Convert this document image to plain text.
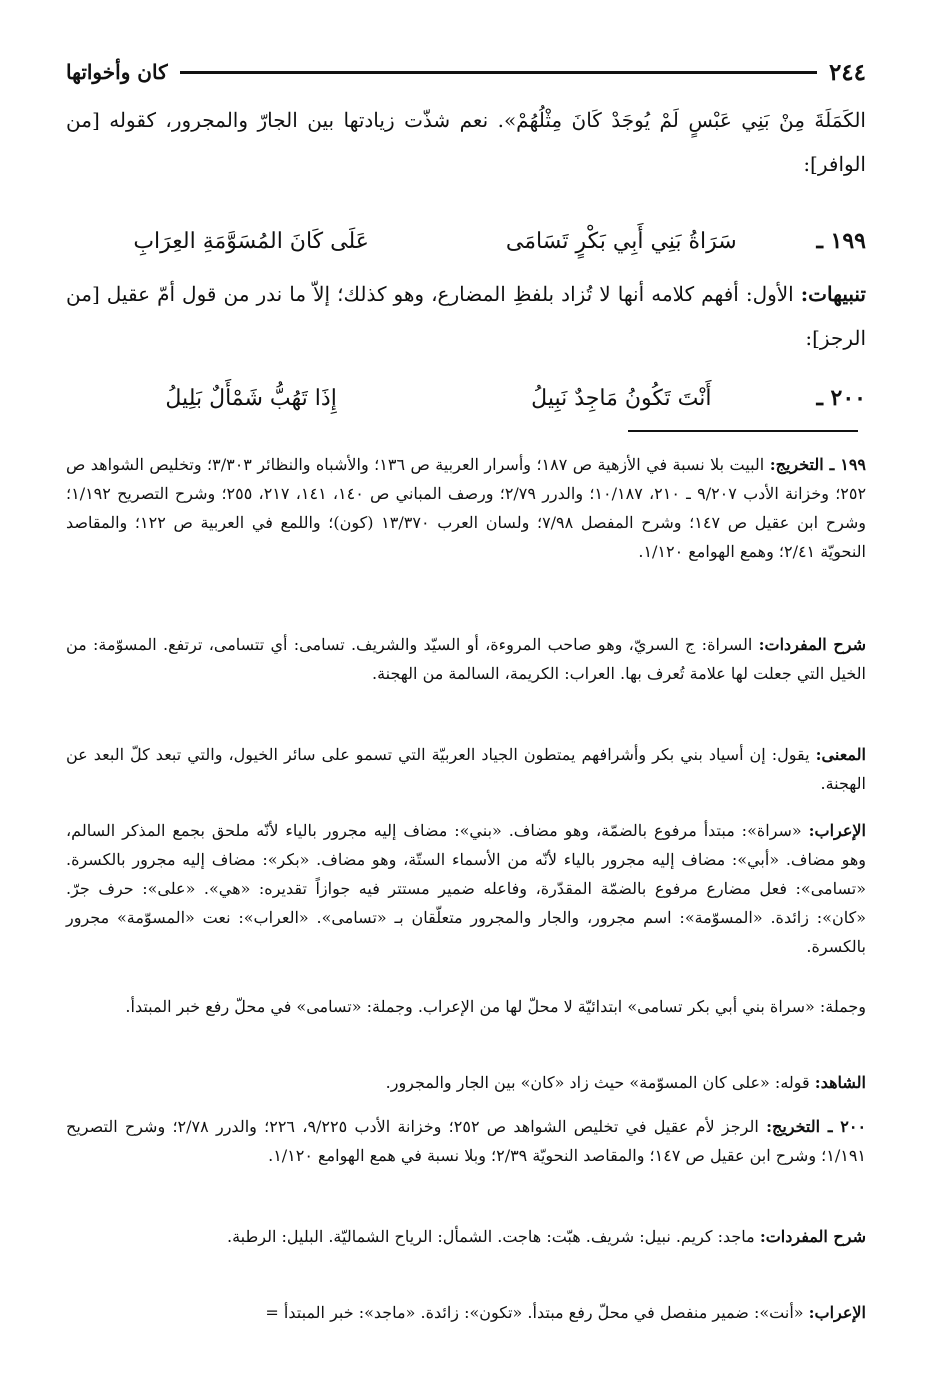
٢٤٤
كان وأخواتها
الكَمَلَةَ مِنْ بَنِي عَبْسٍ لَمْ يُوجَدْ كَانَ مِثْلُهُمْ». نعم شذّت زيادتها بين الجارّ والمجرور، كقوله [من الوافر]:
١٩٩ ـ
سَرَاةُ بَنِي أَبِي بَكْرٍ تَسَامَى
عَلَى كَانَ المُسَوَّمَةِ العِرَابِ
تنبيهات: الأول: أفهم كلامه أنها لا تُزاد بلفظِ المضارع، وهو كذلك؛ إلاّ ما ندر من قول أمّ عقيل [من الرجز]:
٢٠٠ ـ
أَنْتَ تَكُونُ مَاجِدٌ نَبِيلُ
إِذَا تَهُبُّ شَمْأَلٌ بَلِيلُ
١٩٩ ـ التخريج: البيت بلا نسبة في الأزهية ص ١٨٧؛ وأسرار العربية ص ١٣٦؛ والأشباه والنظائر ٣/٣٠٣؛ وتخليص الشواهد ص ٢٥٢؛ وخزانة الأدب ٩/٢٠٧ ـ ٢١٠، ١٠/١٨٧؛ والدرر ٢/٧٩؛ ورصف المباني ص ١٤٠، ١٤١، ٢١٧، ٢٥٥؛ وشرح التصريح ١/١٩٢؛ وشرح ابن عقيل ص ١٤٧؛ وشرح المفصل ٧/٩٨؛ ولسان العرب ١٣/٣٧٠ (كون)؛ واللمع في العربية ص ١٢٢؛ والمقاصد النحويّة ٢/٤١؛ وهمع الهوامع ١/١٢٠.
شرح المفردات: السراة: ج السريّ، وهو صاحب المروءة، أو السيّد والشريف. تسامى: أي تتسامى، ترتفع. المسوّمة: من الخيل التي جعلت لها علامة تُعرف بها. العراب: الكريمة، السالمة من الهجنة.
المعنى: يقول: إن أسياد بني بكر وأشرافهم يمتطون الجياد العربيّة التي تسمو على سائر الخيول، والتي تبعد كلّ البعد عن الهجنة.
الإعراب: «سراة»: مبتدأ مرفوع بالضمّة، وهو مضاف. «بني»: مضاف إليه مجرور بالياء لأنّه ملحق بجمع المذكر السالم، وهو مضاف. «أبي»: مضاف إليه مجرور بالياء لأنّه من الأسماء الستّة، وهو مضاف. «بكر»: مضاف إليه مجرور بالكسرة. «تسامى»: فعل مضارع مرفوع بالضمّة المقدّرة، وفاعله ضمير مستتر فيه جوازاً تقديره: «هي». «على»: حرف جرّ. «كان»: زائدة. «المسوّمة»: اسم مجرور، والجار والمجرور متعلّقان بـ «تسامى». «العراب»: نعت «المسوّمة» مجرور بالكسرة.
وجملة: «سراة بني أبي بكر تسامى» ابتدائيّة لا محلّ لها من الإعراب. وجملة: «تسامى» في محلّ رفع خبر المبتدأ.
الشاهد: قوله: «على كان المسوّمة» حيث زاد «كان» بين الجار والمجرور.
٢٠٠ ـ التخريج: الرجز لأم عقيل في تخليص الشواهد ص ٢٥٢؛ وخزانة الأدب ٩/٢٢٥، ٢٢٦؛ والدرر ٢/٧٨؛ وشرح التصريح ١/١٩١؛ وشرح ابن عقيل ص ١٤٧؛ والمقاصد النحويّة ٢/٣٩؛ وبلا نسبة في همع الهوامع ١/١٢٠.
شرح المفردات: ماجد: كريم. نبيل: شريف. هبّت: هاجت. الشمأل: الرياح الشماليّة. البليل: الرطبة.
الإعراب: «أنت»: ضمير منفصل في محلّ رفع مبتدأ. «تكون»: زائدة. «ماجد»: خبر المبتدأ =
